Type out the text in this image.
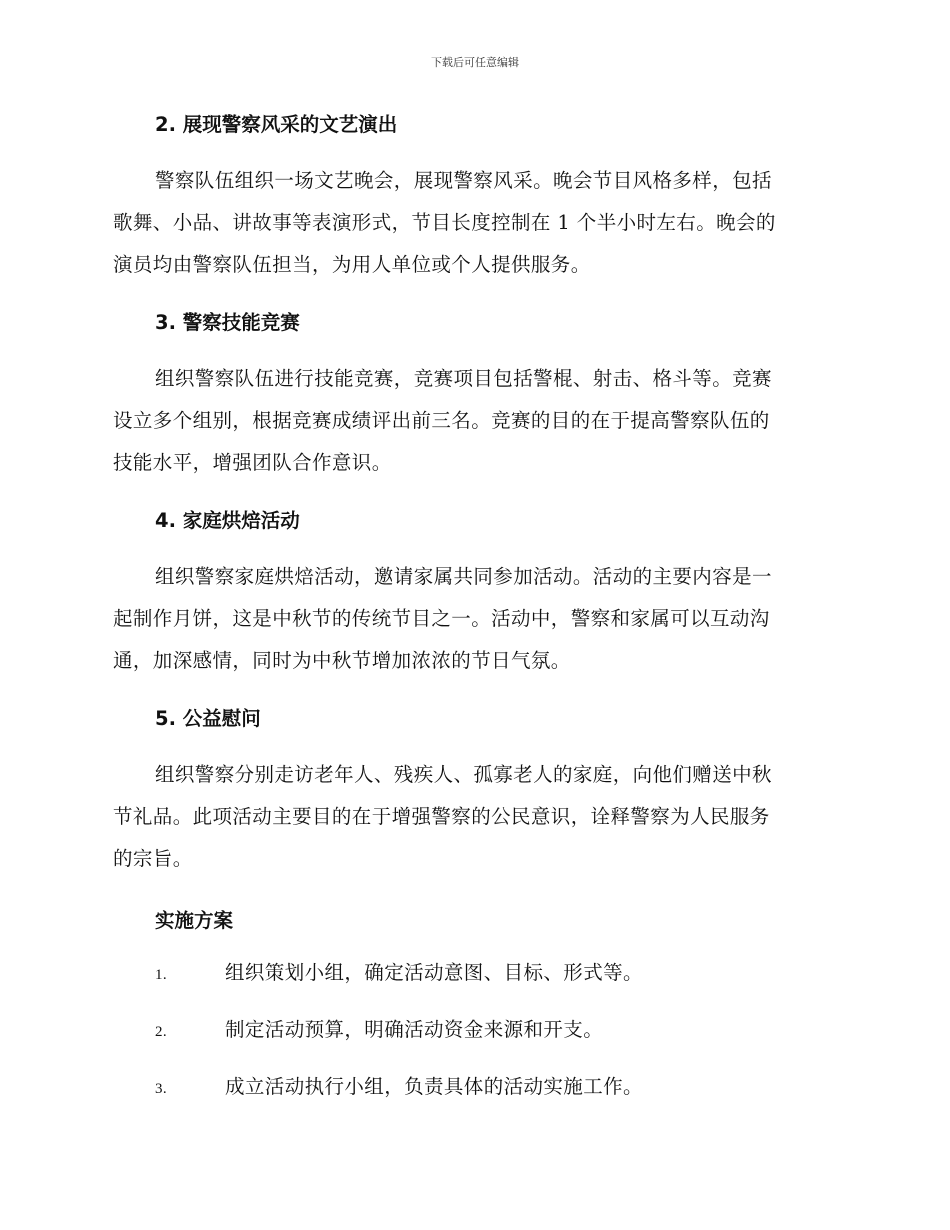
下载后可任意编辑
2. 展现警察风采的文艺演出

警察队伍组织一场文艺晚会，展现警察风采。晚会节目风格多样，包括

歌舞、小品、讲故事等表演形式，节目长度控制在 1 个半小时左右。晚会的

演员均由警察队伍担当，为用人单位或个人提供服务。

3. 警察技能竞赛

组织警察队伍进行技能竞赛，竞赛项目包括警棍、射击、格斗等。竞赛

设立多个组别，根据竞赛成绩评出前三名。竞赛的目的在于提高警察队伍的

技能水平，增强团队合作意识。

4. 家庭烘焙活动

组织警察家庭烘焙活动，邀请家属共同参加活动。活动的主要内容是一

起制作月饼，这是中秋节的传统节目之一。活动中，警察和家属可以互动沟

通，加深感情，同时为中秋节增加浓浓的节日气氛。

5. 公益慰问

组织警察分别走访老年人、残疾人、孤寡老人的家庭，向他们赠送中秋

节礼品。此项活动主要目的在于增强警察的公民意识，诠释警察为人民服务

的宗旨。

实施方案
1.	组织策划小组，确定活动意图、目标、形式等。
2.	制定活动预算，明确活动资金来源和开支。
3.	成立活动执行小组，负责具体的活动实施工作。
